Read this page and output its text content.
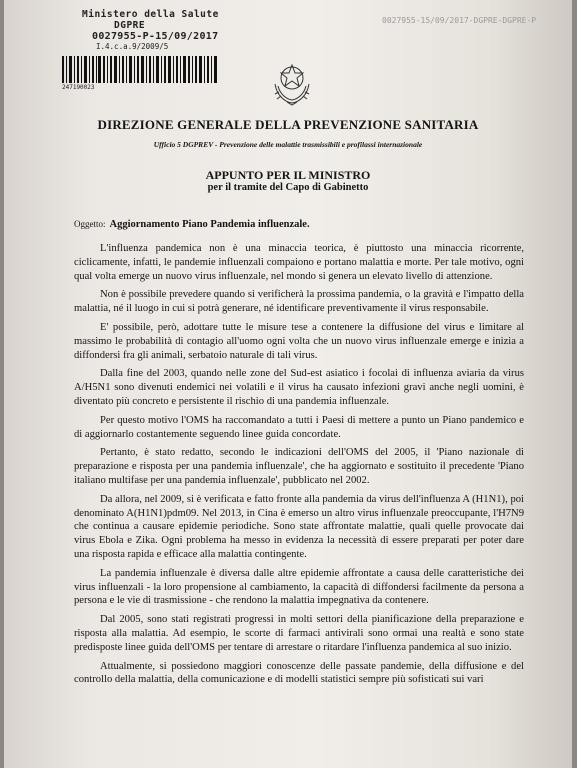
Ministero della Salute
DGPRE
0027955-P-15/09/2017
I.4.c.a.9/2009/5
247190023
0027955-15/09/2017-DGPRE-DGPRE-P
DIREZIONE GENERALE DELLA PREVENZIONE SANITARIA
Ufficio 5 DGPREV - Prevenzione delle malattie trasmissibili e profilassi internazionale
APPUNTO PER IL MINISTRO
per il tramite del Capo di Gabinetto
Oggetto: Aggiornamento Piano Pandemia influenzale.

L'influenza pandemica non è una minaccia teorica, è piuttosto una minaccia ricorrente, ciclicamente, infatti, le pandemie influenzali compaiono e portano malattia e morte. Per tale motivo, ogni qual volta emerge un nuovo virus influenzale, nel mondo si genera un elevato livello di attenzione.

Non è possibile prevedere quando si verificherà la prossima pandemia, o la gravità e l'impatto della malattia, né il luogo in cui si potrà generare, né identificare preventivamente il virus responsabile.

E' possibile, però, adottare tutte le misure tese a contenere la diffusione del virus e limitare al massimo le probabilità di contagio all'uomo ogni volta che un nuovo virus influenzale emerge e inizia a diffondersi fra gli animali, serbatoio naturale di tali virus.

Dalla fine del 2003, quando nelle zone del Sud-est asiatico i focolai di influenza aviaria da virus A/H5N1 sono divenuti endemici nei volatili e il virus ha causato infezioni gravi anche negli uomini, è diventato più concreto e persistente il rischio di una pandemia influenzale.

Per questo motivo l'OMS ha raccomandato a tutti i Paesi di mettere a punto un Piano pandemico e di aggiornarlo costantemente seguendo linee guida concordate.

Pertanto, è stato redatto, secondo le indicazioni dell'OMS del 2005, il 'Piano nazionale di preparazione e risposta per una pandemia influenzale', che ha aggiornato e sostituito il precedente 'Piano italiano multifase per una pandemia influenzale', pubblicato nel 2002.

Da allora, nel 2009, si è verificata e fatto fronte alla pandemia da virus dell'influenza A (H1N1), poi denominato A(H1N1)pdm09. Nel 2013, in Cina è emerso un altro virus influenzale preoccupante, l'H7N9 che continua a causare epidemie periodiche. Sono state affrontate malattie, quali quelle provocate dai virus Ebola e Zika. Ogni problema ha messo in evidenza la necessità di essere preparati per poter dare una risposta rapida e efficace alla malattia contingente.

La pandemia influenzale è diversa dalle altre epidemie affrontate a causa delle caratteristiche dei virus influenzali - la loro propensione al cambiamento, la capacità di diffondersi facilmente da persona a persona e le vie di trasmissione - che rendono la malattia impegnativa da contenere.

Dal 2005, sono stati registrati progressi in molti settori della pianificazione della preparazione e risposta alla malattia. Ad esempio, le scorte di farmaci antivirali sono ormai una realtà e sono state predisposte linee guida dell'OMS per tentare di arrestare o ritardare l'influenza pandemica al suo inizio.

Attualmente, si possiedono maggiori conoscenze delle passate pandemie, della diffusione e del controllo della malattia, della comunicazione e di modelli statistici sempre più sofisticati sui vari
